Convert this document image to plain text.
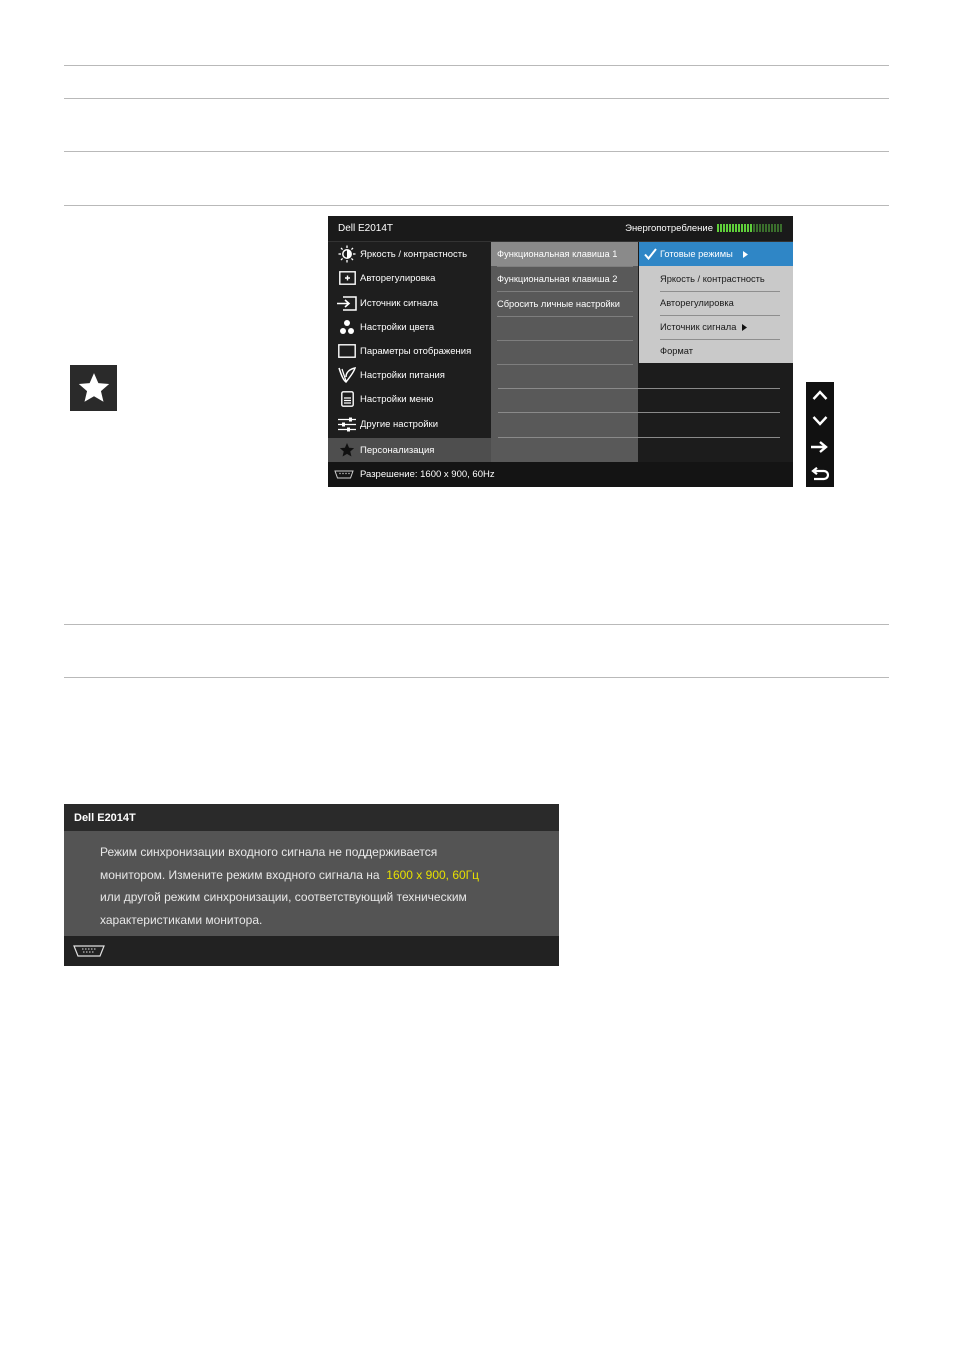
Dell E2014T	Энергопотребление
Яркость / контрастность
Авторегулировка
Источник сигнала
Настройки цвета
Параметры отображения
Настройки питания
Настройки меню
Другие настройки
Персонализация
Функциональная клавиша 1
Функциональная клавиша 2
Сбросить личные настройки
Готовые режимы
Яркость / контрастность
Авторегулировка
Источник сигнала
Формат
Разрешение: 1600 x 900, 60Hz
Dell E2014T
Режим синхронизации входного сигнала не поддерживается
монитором. Измените режим входного сигнала на 1600 x 900, 60Гц
или другой режим синхронизации, соответствующий техническим
характеристиками монитора.
